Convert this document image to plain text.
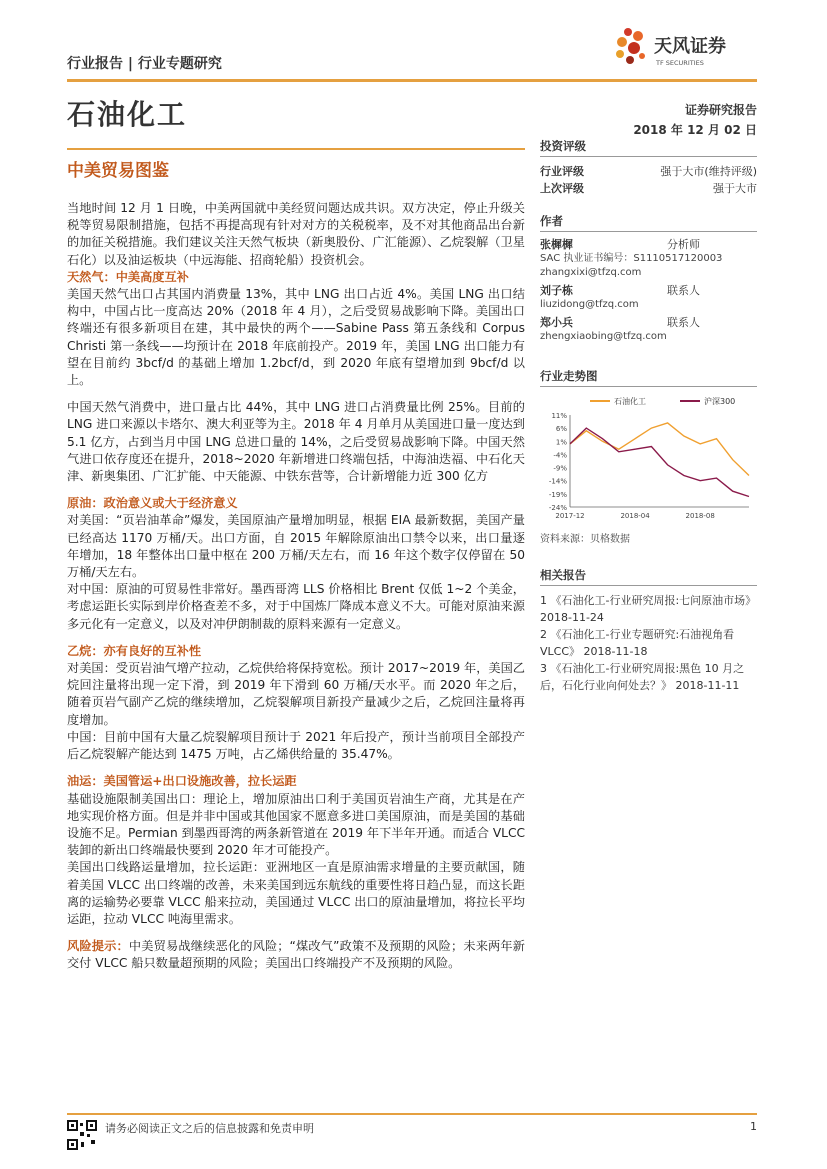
行业报告 | 行业专题研究
石油化工
天风证券
TF SECURITIES
证券研究报告
2018 年 12 月 02 日
中美贸易图鉴

当地时间 12 月 1 日晚，中美两国就中美经贸问题达成共识。双方决定，停止升级关税等贸易限制措施，包括不再提高现有针对对方的关税税率，及不对其他商品出台新的加征关税措施。我们建议关注天然气板块（新奥股份、广汇能源）、乙烷裂解（卫星石化）以及油运板块（中远海能、招商轮船）投资机会。

天然气：中美高度互补

美国天然气出口占其国内消费量 13%，其中 LNG 出口占近 4%。美国 LNG 出口结构中，中国占比一度高达 20%（2018 年 4 月），之后受贸易战影响下降。美国出口终端还有很多新项目在建，其中最快的两个——Sabine Pass 第五条线和 Corpus Christi 第一条线——均预计在 2018 年底前投产。2019 年，美国 LNG 出口能力有望在目前约 3bcf/d 的基础上增加 1.2bcf/d，到 2020 年底有望增加到 9bcf/d 以上。

中国天然气消费中，进口量占比 44%，其中 LNG 进口占消费量比例 25%。目前的 LNG 进口来源以卡塔尔、澳大利亚等为主。2018 年 4 月单月从美国进口量一度达到 5.1 亿方，占到当月中国 LNG 总进口量的 14%，之后受贸易战影响下降。中国天然气进口依存度还在提升，2018~2020 年新增进口终端包括，中海油迭福、中石化天津、新奥集团、广汇扩能、中天能源、中铁东营等，合计新增能力近 300 亿方

原油：政治意义或大于经济意义

对美国：“页岩油革命”爆发，美国原油产量增加明显，根据 EIA 最新数据，美国产量已经高达 1170 万桶/天。出口方面，自 2015 年解除原油出口禁令以来，出口量逐年增加，18 年整体出口量中枢在 200 万桶/天左右，而 16 年这个数字仅停留在 50 万桶/天左右。

对中国：原油的可贸易性非常好。墨西哥湾 LLS 价格相比 Brent 仅低 1~2 个美金，考虑运距长实际到岸价格查差不多，对于中国炼厂降成本意义不大。可能对原油来源多元化有一定意义，以及对冲伊朗制裁的原料来源有一定意义。

乙烷：亦有良好的互补性

对美国：受页岩油气增产拉动，乙烷供给将保持宽松。预计 2017~2019 年，美国乙烷回注量将出现一定下滑，到 2019 年下滑到 60 万桶/天水平。而 2020 年之后，随着页岩气副产乙烷的继续增加，乙烷裂解项目新投产量减少之后，乙烷回注量将再度增加。

中国：目前中国有大量乙烷裂解项目预计于 2021 年后投产，预计当前项目全部投产后乙烷裂解产能达到 1475 万吨，占乙烯供给量的 35.47%。

油运：美国管运+出口设施改善，拉长运距

基础设施限制美国出口：理论上，增加原油出口利于美国页岩油生产商，尤其是在产地实现价格方面。但是并非中国或其他国家不愿意多进口美国原油，而是美国的基础设施不足。Permian 到墨西哥湾的两条新管道在 2019 年下半年开通。而适合 VLCC 装卸的新出口终端最快要到 2020 年才可能投产。

美国出口线路运量增加，拉长运距：亚洲地区一直是原油需求增量的主要贡献国，随着美国 VLCC 出口终端的改善，未来美国到远东航线的重要性将日趋凸显，而这长距离的运输势必要靠 VLCC 船来拉动，美国通过 VLCC 出口的原油量增加，将拉长平均运距，拉动 VLCC 吨海里需求。

风险提示：中美贸易战继续恶化的风险；“煤改气”政策不及预期的风险；未来两年新交付 VLCC 船只数量超预期的风险；美国出口终端投产不及预期的风险。

投资评级
行业评级	强于大市(维持评级)
上次评级	强于大市
作者
张樨樨	分析师
SAC 执业证书编号：S1110517120003
zhangxixi@tfzq.com
刘子栋	联系人
liuzidong@tfzq.com
郑小兵	联系人
zhengxiaobing@tfzq.com
行业走势图
11%
6%
1%
-4%
-9%
-14%
-19%
-24%
2017-12	2018-04	2018-08
石油化工	沪深300
资料来源：贝格数据
相关报告
1 《石油化工-行业研究周报:七问原油市场》 2018-11-24
2 《石油化工-行业专题研究:石油视角看 VLCC》 2018-11-18
3 《石油化工-行业研究周报:黑色 10 月之后，石化行业向何处去？》 2018-11-11
请务必阅读正文之后的信息披露和免责申明	1
